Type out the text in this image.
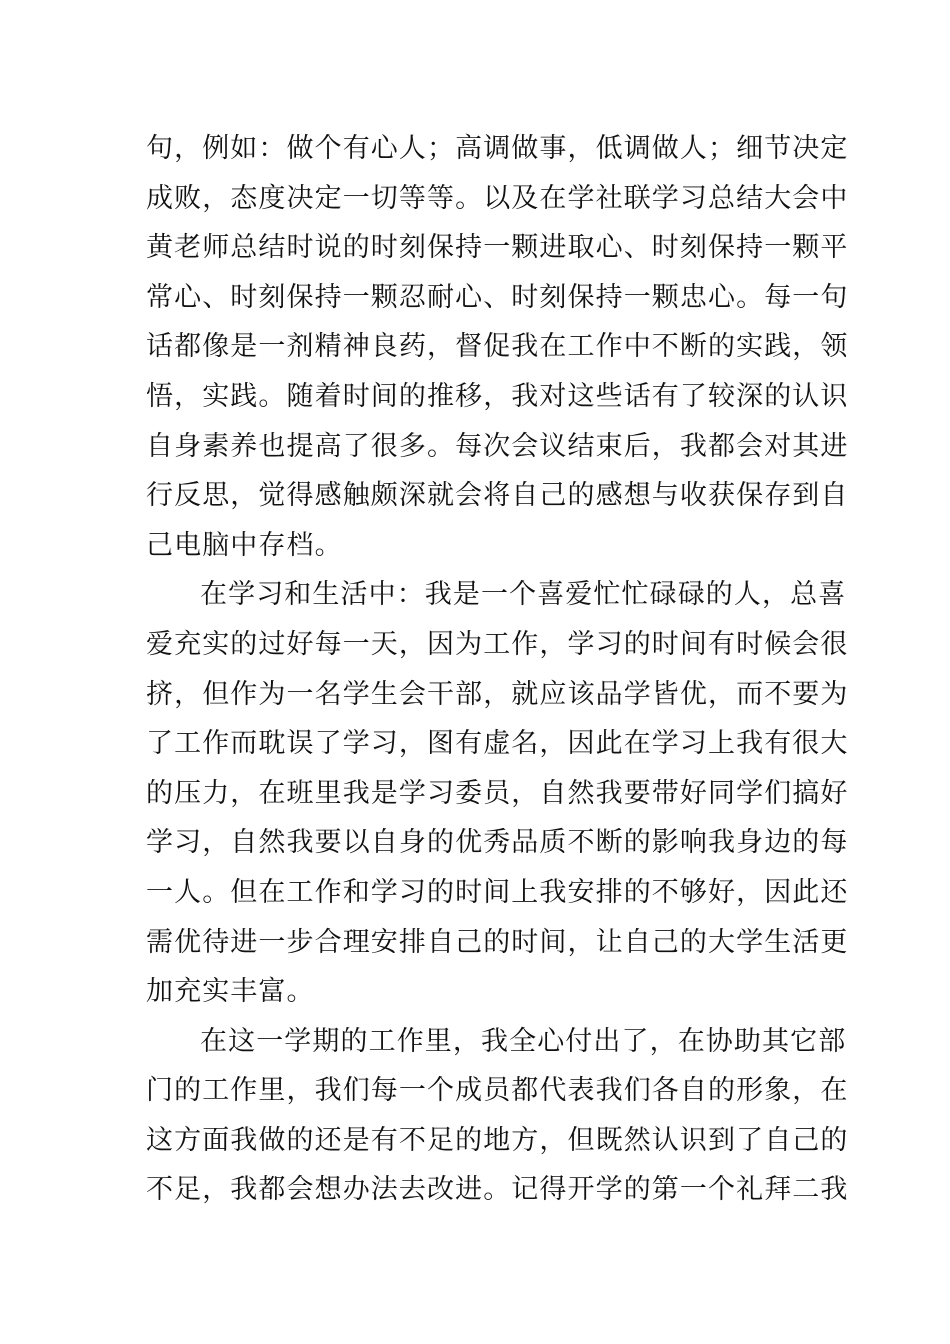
句，例如：做个有心人；高调做事，低调做人；细节决定
成败，态度决定一切等等。以及在学社联学习总结大会中
黄老师总结时说的时刻保持一颗进取心、时刻保持一颗平
常心、时刻保持一颗忍耐心、时刻保持一颗忠心。每一句
话都像是一剂精神良药，督促我在工作中不断的实践，领
悟，实践。随着时间的推移，我对这些话有了较深的认识
自身素养也提高了很多。每次会议结束后，我都会对其进
行反思，觉得感触颇深就会将自己的感想与收获保存到自
己电脑中存档。
在学习和生活中：我是一个喜爱忙忙碌碌的人，总喜
爱充实的过好每一天，因为工作，学习的时间有时候会很
挤，但作为一名学生会干部，就应该品学皆优，而不要为
了工作而耽误了学习，图有虚名，因此在学习上我有很大
的压力，在班里我是学习委员，自然我要带好同学们搞好
学习，自然我要以自身的优秀品质不断的影响我身边的每
一人。但在工作和学习的时间上我安排的不够好，因此还
需优待进一步合理安排自己的时间，让自己的大学生活更
加充实丰富。
在这一学期的工作里，我全心付出了，在协助其它部
门的工作里，我们每一个成员都代表我们各自的形象，在
这方面我做的还是有不足的地方，但既然认识到了自己的
不足，我都会想办法去改进。记得开学的第一个礼拜二我
